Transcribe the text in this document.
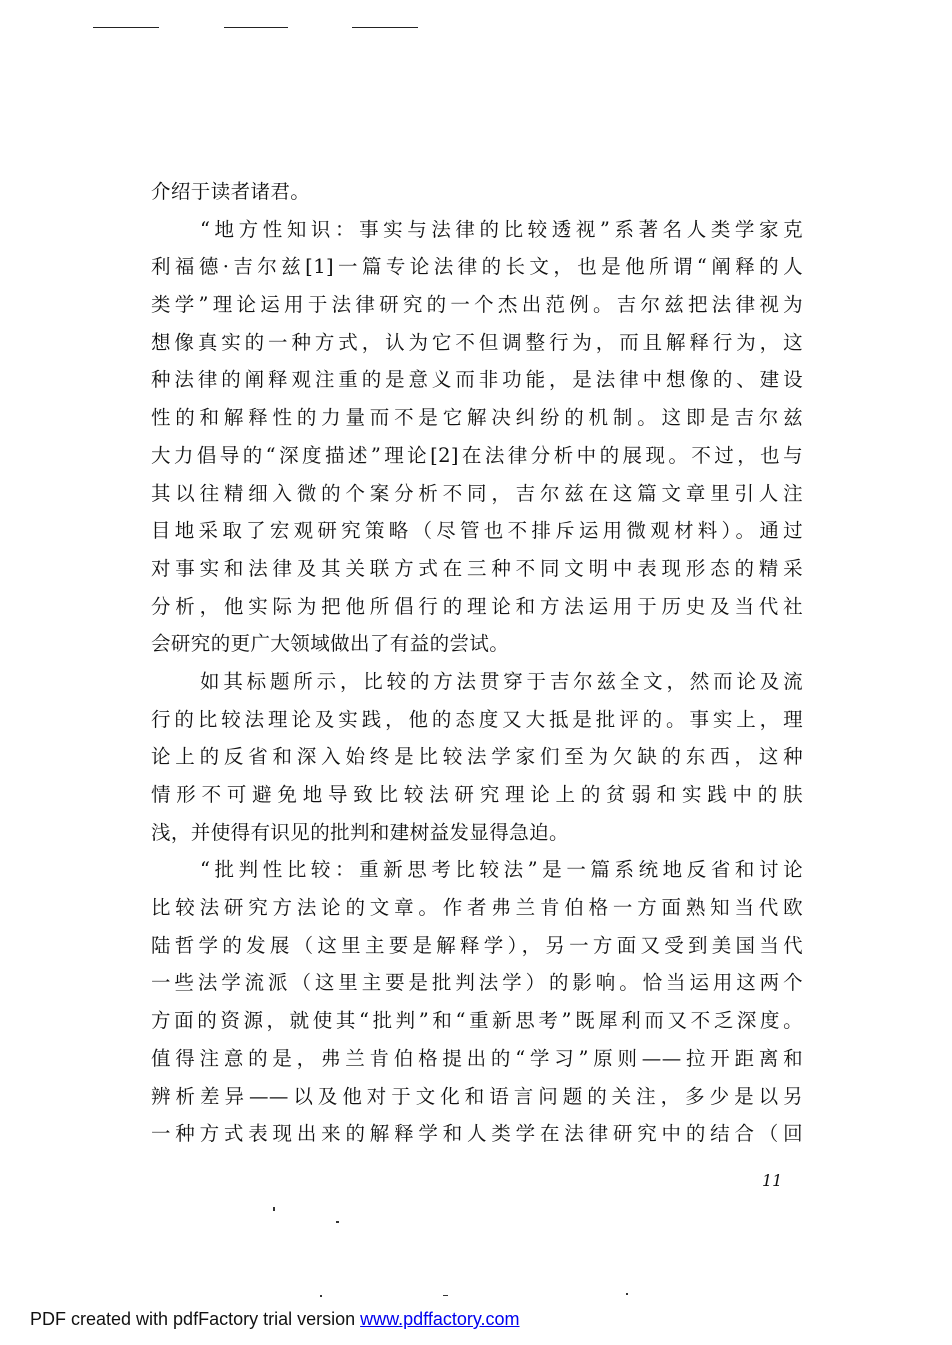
介绍于读者诸君。
“地方性知识：事实与法律的比较透视”系著名人类学家克
利福德·吉尔兹[1]一篇专论法律的长文，也是他所谓“阐释的人
类学”理论运用于法律研究的一个杰出范例。吉尔兹把法律视为
想像真实的一种方式，认为它不但调整行为，而且解释行为，这
种法律的阐释观注重的是意义而非功能，是法律中想像的、建设
性的和解释性的力量而不是它解决纠纷的机制。这即是吉尔兹
大力倡导的“深度描述”理论[2]在法律分析中的展现。不过，也与
其以往精细入微的个案分析不同，吉尔兹在这篇文章里引人注
目地采取了宏观研究策略（尽管也不排斥运用微观材料）。通过
对事实和法律及其关联方式在三种不同文明中表现形态的精采
分析，他实际为把他所倡行的理论和方法运用于历史及当代社
会研究的更广大领域做出了有益的尝试。
如其标题所示，比较的方法贯穿于吉尔兹全文，然而论及流
行的比较法理论及实践，他的态度又大抵是批评的。事实上，理
论上的反省和深入始终是比较法学家们至为欠缺的东西，这种
情形不可避免地导致比较法研究理论上的贫弱和实践中的肤
浅，并使得有识见的批判和建树益发显得急迫。
“批判性比较：重新思考比较法”是一篇系统地反省和讨论
比较法研究方法论的文章。作者弗兰肯伯格一方面熟知当代欧
陆哲学的发展（这里主要是解释学），另一方面又受到美国当代
一些法学流派（这里主要是批判法学）的影响。恰当运用这两个
方面的资源，就使其“批判”和“重新思考”既犀利而又不乏深度。
值得注意的是，弗兰肯伯格提出的“学习”原则——拉开距离和
辨析差异——以及他对于文化和语言问题的关注，多少是以另
一种方式表现出来的解释学和人类学在法律研究中的结合（回
11
PDF created with pdfFactory trial version www.pdffactory.com
